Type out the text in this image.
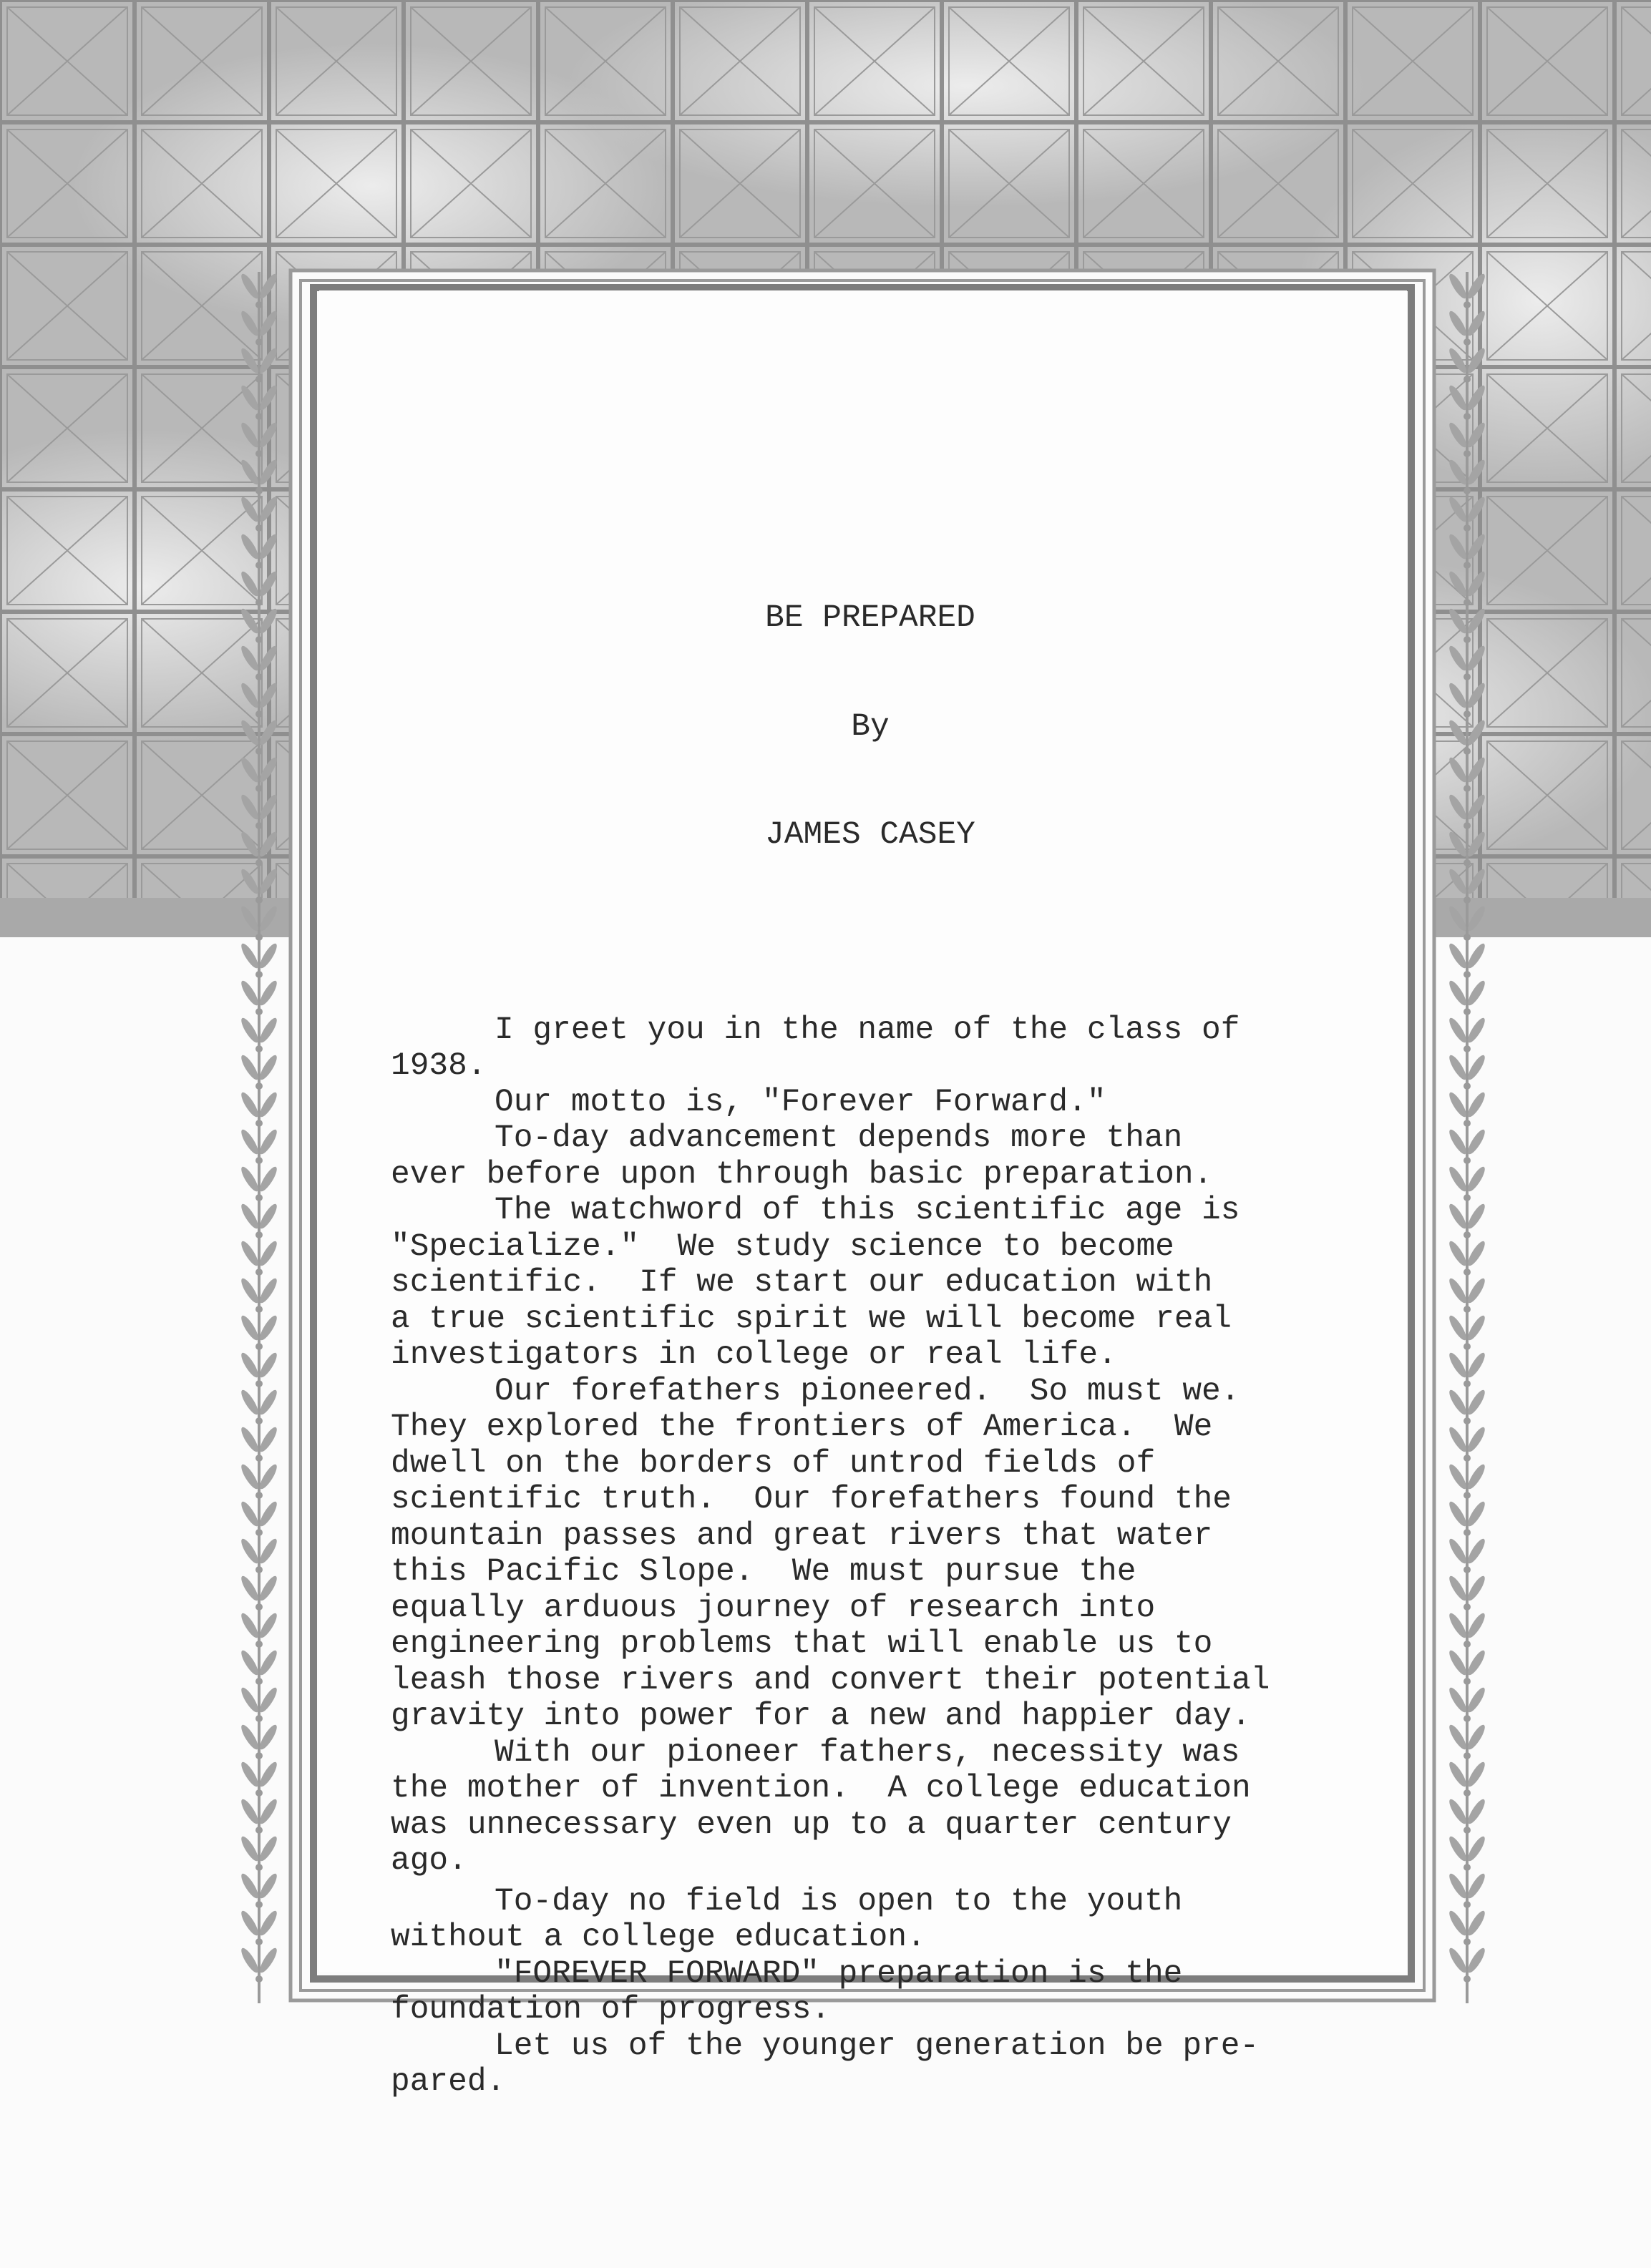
BE PREPARED

By

JAMES CASEY

I greet you in the name of the class of
1938.
Our motto is, "Forever Forward."
To-day advancement depends more than
ever before upon through basic preparation.
The watchword of this scientific age is
"Specialize."  We study science to become
scientific.  If we start our education with
a true scientific spirit we will become real
investigators in college or real life.
Our forefathers pioneered.  So must we.
They explored the frontiers of America.  We
dwell on the borders of untrod fields of
scientific truth.  Our forefathers found the
mountain passes and great rivers that water
this Pacific Slope.  We must pursue the
equally arduous journey of research into
engineering problems that will enable us to
leash those rivers and convert their potential
gravity into power for a new and happier day.
With our pioneer fathers, necessity was
the mother of invention.  A college education
was unnecessary even up to a quarter century
ago.
To-day no field is open to the youth
without a college education.
"FOREVER FORWARD" preparation is the
foundation of progress.
Let us of the younger generation be pre-
pared.
